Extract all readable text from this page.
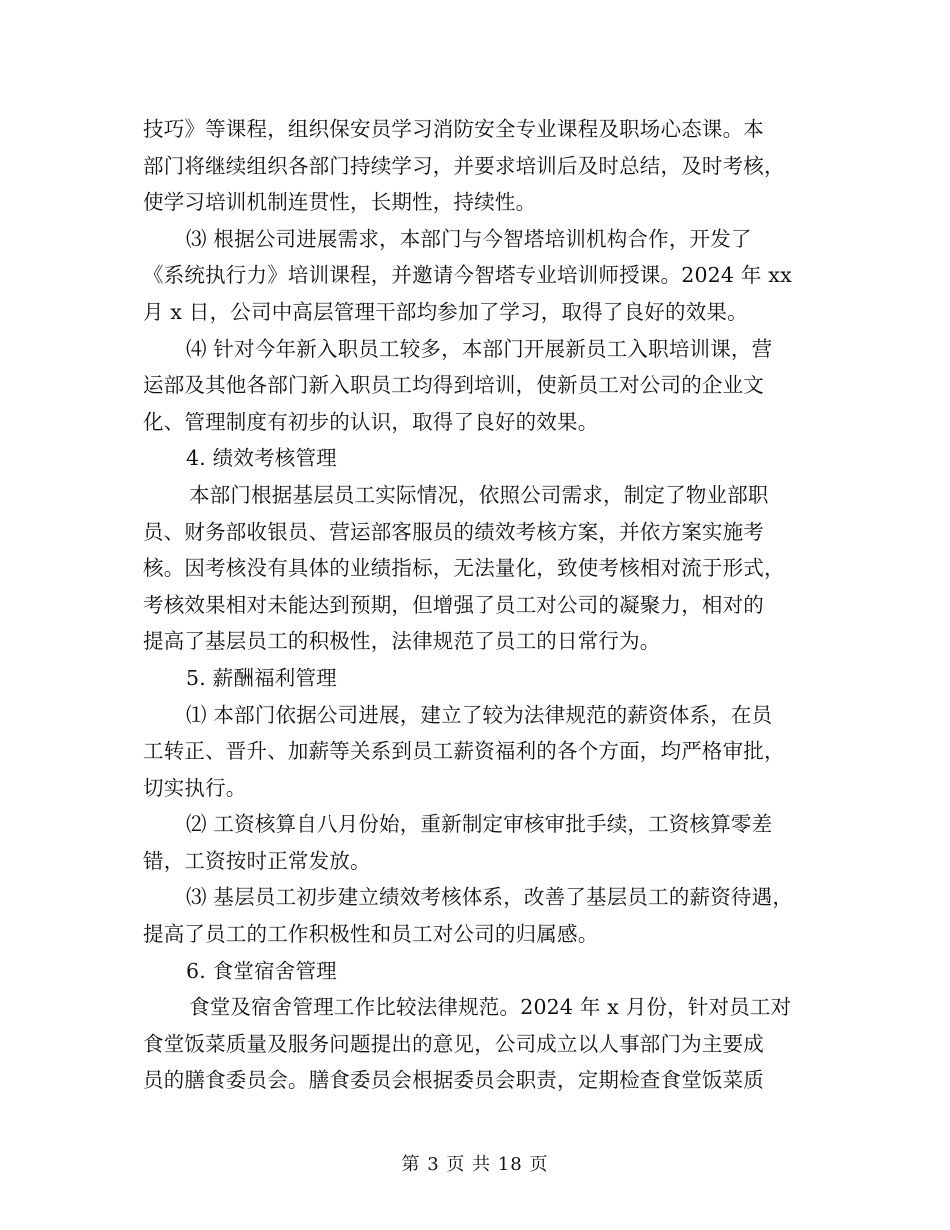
技巧》等课程，组织保安员学习消防安全专业课程及职场心态课。本
部门将继续组织各部门持续学习，并要求培训后及时总结，及时考核，
使学习培训机制连贯性，长期性，持续性。
⑶ 根据公司进展需求，本部门与今智塔培训机构合作，开发了
《系统执行力》培训课程，并邀请今智塔专业培训师授课。2024 年 xx
月 x 日，公司中高层管理干部均参加了学习，取得了良好的效果。
⑷ 针对今年新入职员工较多，本部门开展新员工入职培训课，营
运部及其他各部门新入职员工均得到培训，使新员工对公司的企业文
化、管理制度有初步的认识，取得了良好的效果。
4. 绩效考核管理
本部门根据基层员工实际情况，依照公司需求，制定了物业部职
员、财务部收银员、营运部客服员的绩效考核方案，并依方案实施考
核。因考核没有具体的业绩指标，无法量化，致使考核相对流于形式，
考核效果相对未能达到预期，但增强了员工对公司的凝聚力，相对的
提高了基层员工的积极性，法律规范了员工的日常行为。
5. 薪酬福利管理
⑴ 本部门依据公司进展，建立了较为法律规范的薪资体系，在员
工转正、晋升、加薪等关系到员工薪资福利的各个方面，均严格审批，
切实执行。
⑵ 工资核算自八月份始，重新制定审核审批手续，工资核算零差
错，工资按时正常发放。
⑶ 基层员工初步建立绩效考核体系，改善了基层员工的薪资待遇，
提高了员工的工作积极性和员工对公司的归属感。
6. 食堂宿舍管理
食堂及宿舍管理工作比较法律规范。2024 年 x 月份，针对员工对
食堂饭菜质量及服务问题提出的意见，公司成立以人事部门为主要成
员的膳食委员会。膳食委员会根据委员会职责，定期检查食堂饭菜质
第 3 页 共 18 页
